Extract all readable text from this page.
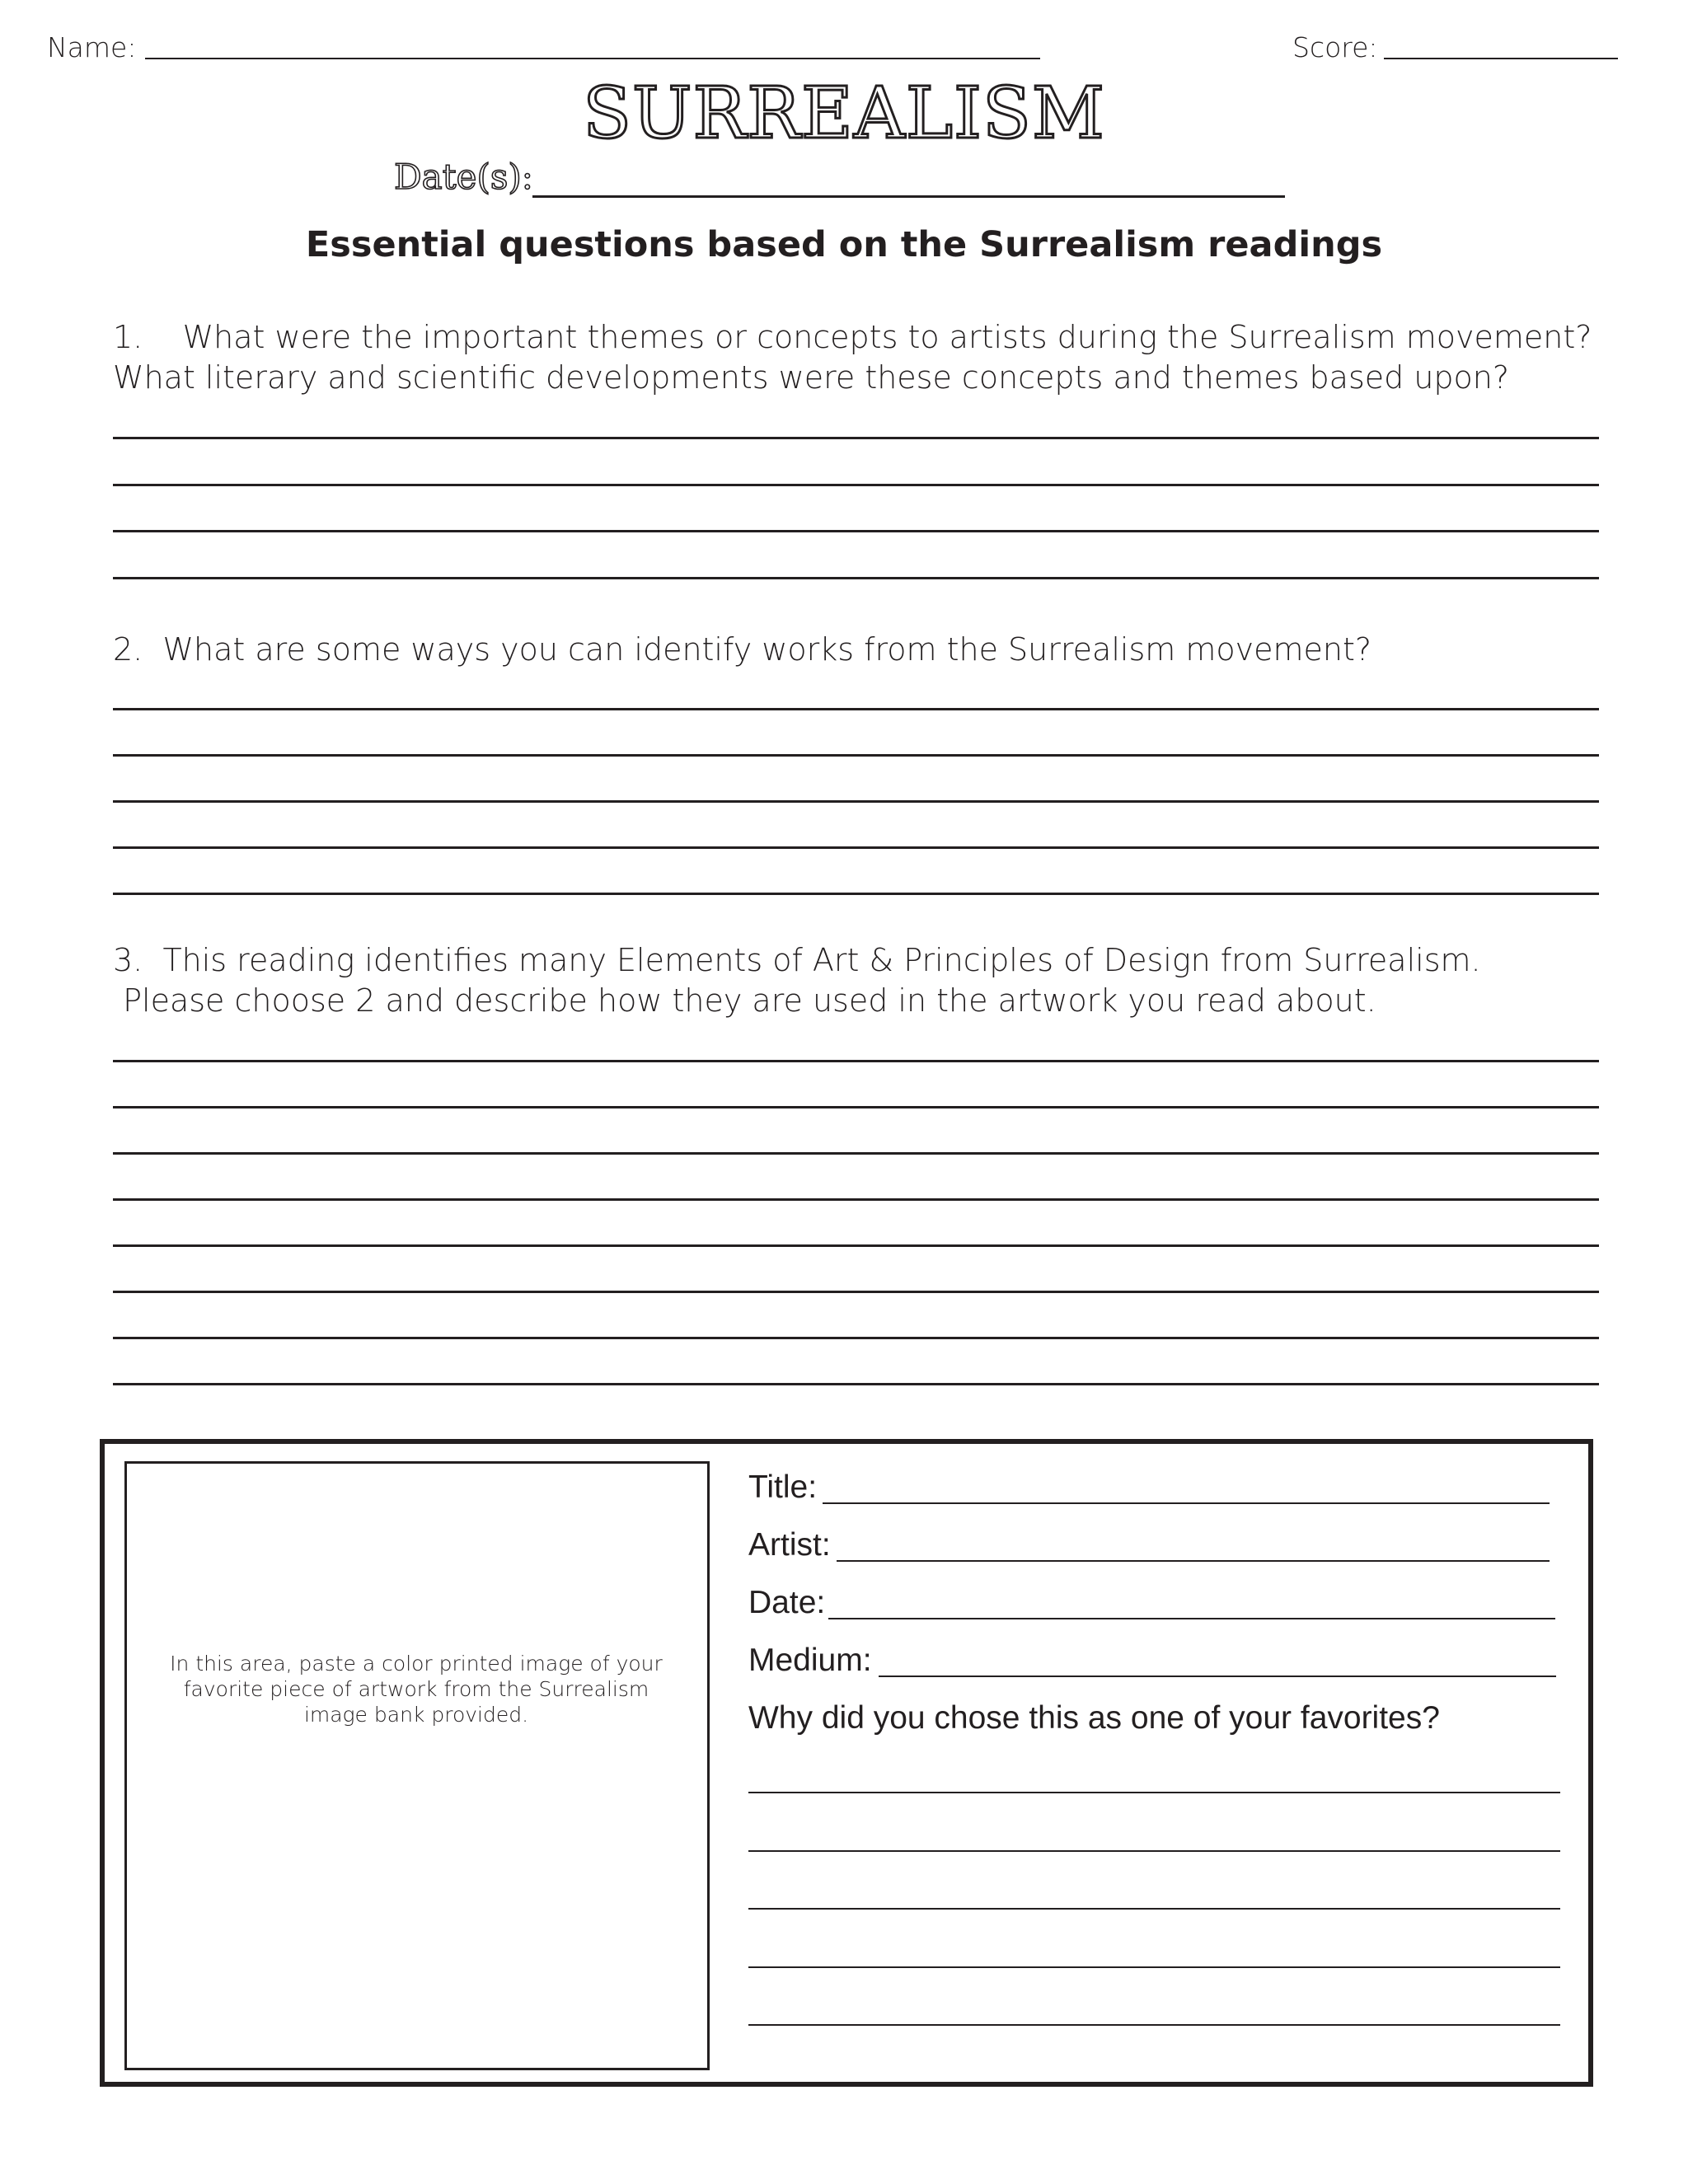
Name:	Score:
SURREALISM
Date(s):
Essential questions based on the Surrealism readings
1. What were the important themes or concepts to artists during the Surrealism movement?
What literary and scientific developments were these concepts and themes based upon?
2. What are some ways you can identify works from the Surrealism movement?
3. This reading identifies many Elements of Art & Principles of Design from Surrealism.
Please choose 2 and describe how they are used in the artwork you read about.
In this area, paste a color printed image of your favorite piece of artwork from the Surrealism image bank provided.
Title:
Artist:
Date:
Medium:
Why did you chose this as one of your favorites?
